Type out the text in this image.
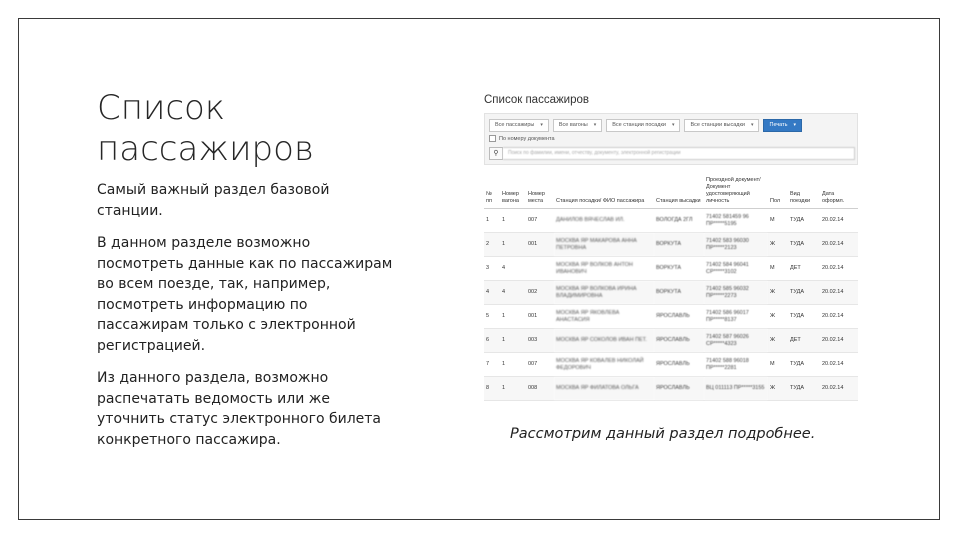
Список пассажиров

Самый важный раздел базовой станции.

В данном разделе возможно посмотреть данные как по пассажирам во всем поезде, так, например, посмотреть информацию по пассажирам только с электронной регистрацией.

Из данного раздела, возможно распечатать ведомость или же уточнить статус электронного билета конкретного пассажира.

Список пассажиров
Все пассажиры ▾	Все вагоны ▾	Все станции посадки ▾	Все станции высадки ▾	Печать ▾
По номеру документа
⚲	Поиск по фамилии, имени, отчеству, документу, электронной регистрации
№ пп	Номер вагона	Номер места	Станция посадки/ ФИО пассажира	Станция высадки	Проездной документ/ Документ удостоверяющий личность	Пол	Вид поездки	Дата оформл.
1	1	007	ДАНИЛОВ ВЯЧЕСЛАВ ИЛ.	ВОЛОГДА 2ГЛ	71402 581459 96 ПР*****5195	М	ТУДА	20.02.14
2	1	001	МОСКВА ЯР МАКАРОВА АННА ПЕТРОВНА	ВОРКУТА	71402 583 96030 ПР*****2123	Ж	ТУДА	20.02.14
3	4		МОСКВА ЯР ВОЛКОВ АНТОН ИВАНОВИЧ	ВОРКУТА	71402 584 96041 СР*****3102	М	ДЕТ	20.02.14
4	4	002	МОСКВА ЯР ВОЛКОВА ИРИНА ВЛАДИМИРОВНА	ВОРКУТА	71402 585 96032 ПР*****2273	Ж	ТУДА	20.02.14
5	1	001	МОСКВА ЯР ЯКОВЛЕВА АНАСТАСИЯ	ЯРОСЛАВЛЬ	71402 586 96017 ПР*****8137	Ж	ТУДА	20.02.14
6	1	003	МОСКВА ЯР СОКОЛОВ ИВАН ПЕТ.	ЯРОСЛАВЛЬ	71402 587 96026 СР*****4323	Ж	ДЕТ	20.02.14
7	1	007	МОСКВА ЯР КОВАЛЕВ НИКОЛАЙ ФЕДОРОВИЧ	ЯРОСЛАВЛЬ	71402 588 96018 ПР*****2281	М	ТУДА	20.02.14
8	1	008	МОСКВА ЯР ФИЛАТОВА ОЛЬГА	ЯРОСЛАВЛЬ	ВЦ 011113 ПР*****3155	Ж	ТУДА	20.02.14
Рассмотрим данный раздел подробнее.
